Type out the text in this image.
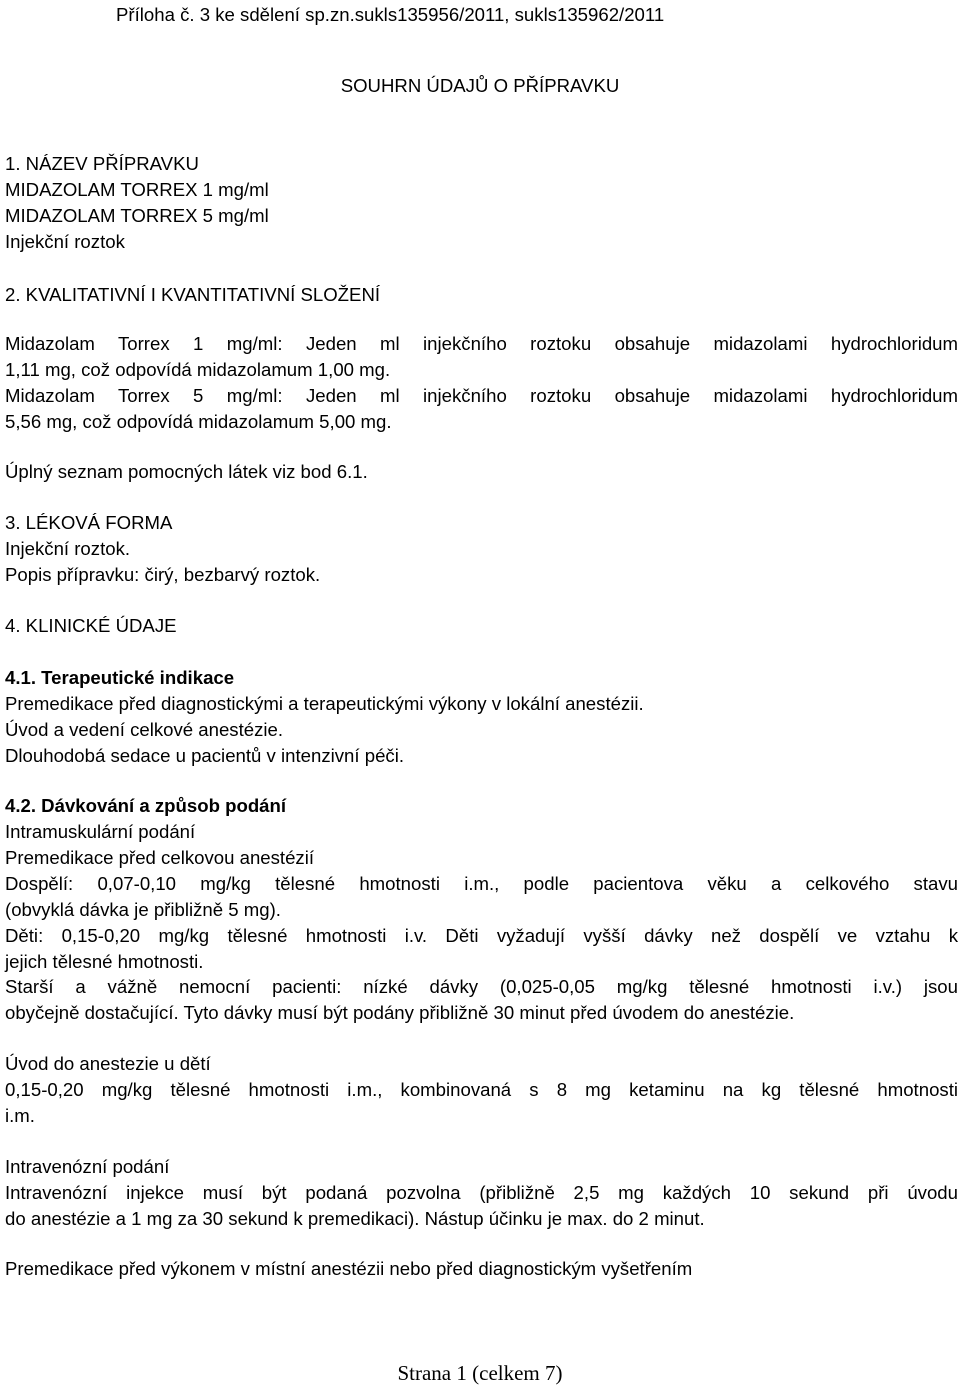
Příloha č. 3 ke sdělení sp.zn.sukls135956/2011, sukls135962/2011
SOUHRN ÚDAJŮ O PŘÍPRAVKU
1. NÁZEV PŘÍPRAVKU
MIDAZOLAM TORREX 1 mg/ml
MIDAZOLAM TORREX 5 mg/ml
Injekční roztok
2. KVALITATIVNÍ I KVANTITATIVNÍ SLOŽENÍ
Midazolam Torrex 1 mg/ml: Jeden ml injekčního roztoku obsahuje midazolami hydrochloridum
1,11 mg, což odpovídá midazolamum 1,00 mg.
Midazolam Torrex 5 mg/ml: Jeden ml injekčního roztoku obsahuje midazolami hydrochloridum
5,56 mg, což odpovídá midazolamum 5,00 mg.
Úplný seznam pomocných látek viz bod 6.1.
3. LÉKOVÁ FORMA
Injekční roztok.
Popis přípravku: čirý, bezbarvý roztok.
4. KLINICKÉ ÚDAJE
4.1. Terapeutické indikace
Premedikace před diagnostickými a terapeutickými výkony v lokální anestézii.
Úvod a vedení celkové anestézie.
Dlouhodobá sedace u pacientů v intenzivní péči.
4.2. Dávkování a způsob podání
Intramuskulární podání
Premedikace před celkovou anestézií
Dospělí: 0,07-0,10 mg/kg tělesné hmotnosti i.m., podle pacientova věku a celkového stavu
(obvyklá dávka je přibližně 5 mg).
Děti: 0,15-0,20 mg/kg tělesné hmotnosti i.v. Děti vyžadují vyšší dávky než dospělí ve vztahu k
jejich tělesné hmotnosti.
Starší a vážně nemocní pacienti: nízké dávky (0,025-0,05 mg/kg tělesné hmotnosti i.v.) jsou
obyčejně dostačující. Tyto dávky musí být podány přibližně 30 minut před úvodem do anestézie.
Úvod do anestezie u dětí
0,15-0,20 mg/kg tělesné hmotnosti i.m., kombinovaná s 8 mg ketaminu na kg tělesné hmotnosti
i.m.
Intravenózní podání
Intravenózní injekce musí být podaná pozvolna (přibližně 2,5 mg každých 10 sekund při úvodu
do anestézie a 1 mg za 30 sekund k premedikaci). Nástup účinku je max. do 2 minut.
Premedikace před výkonem v místní anestézii nebo před diagnostickým vyšetřením
Strana 1 (celkem 7)
